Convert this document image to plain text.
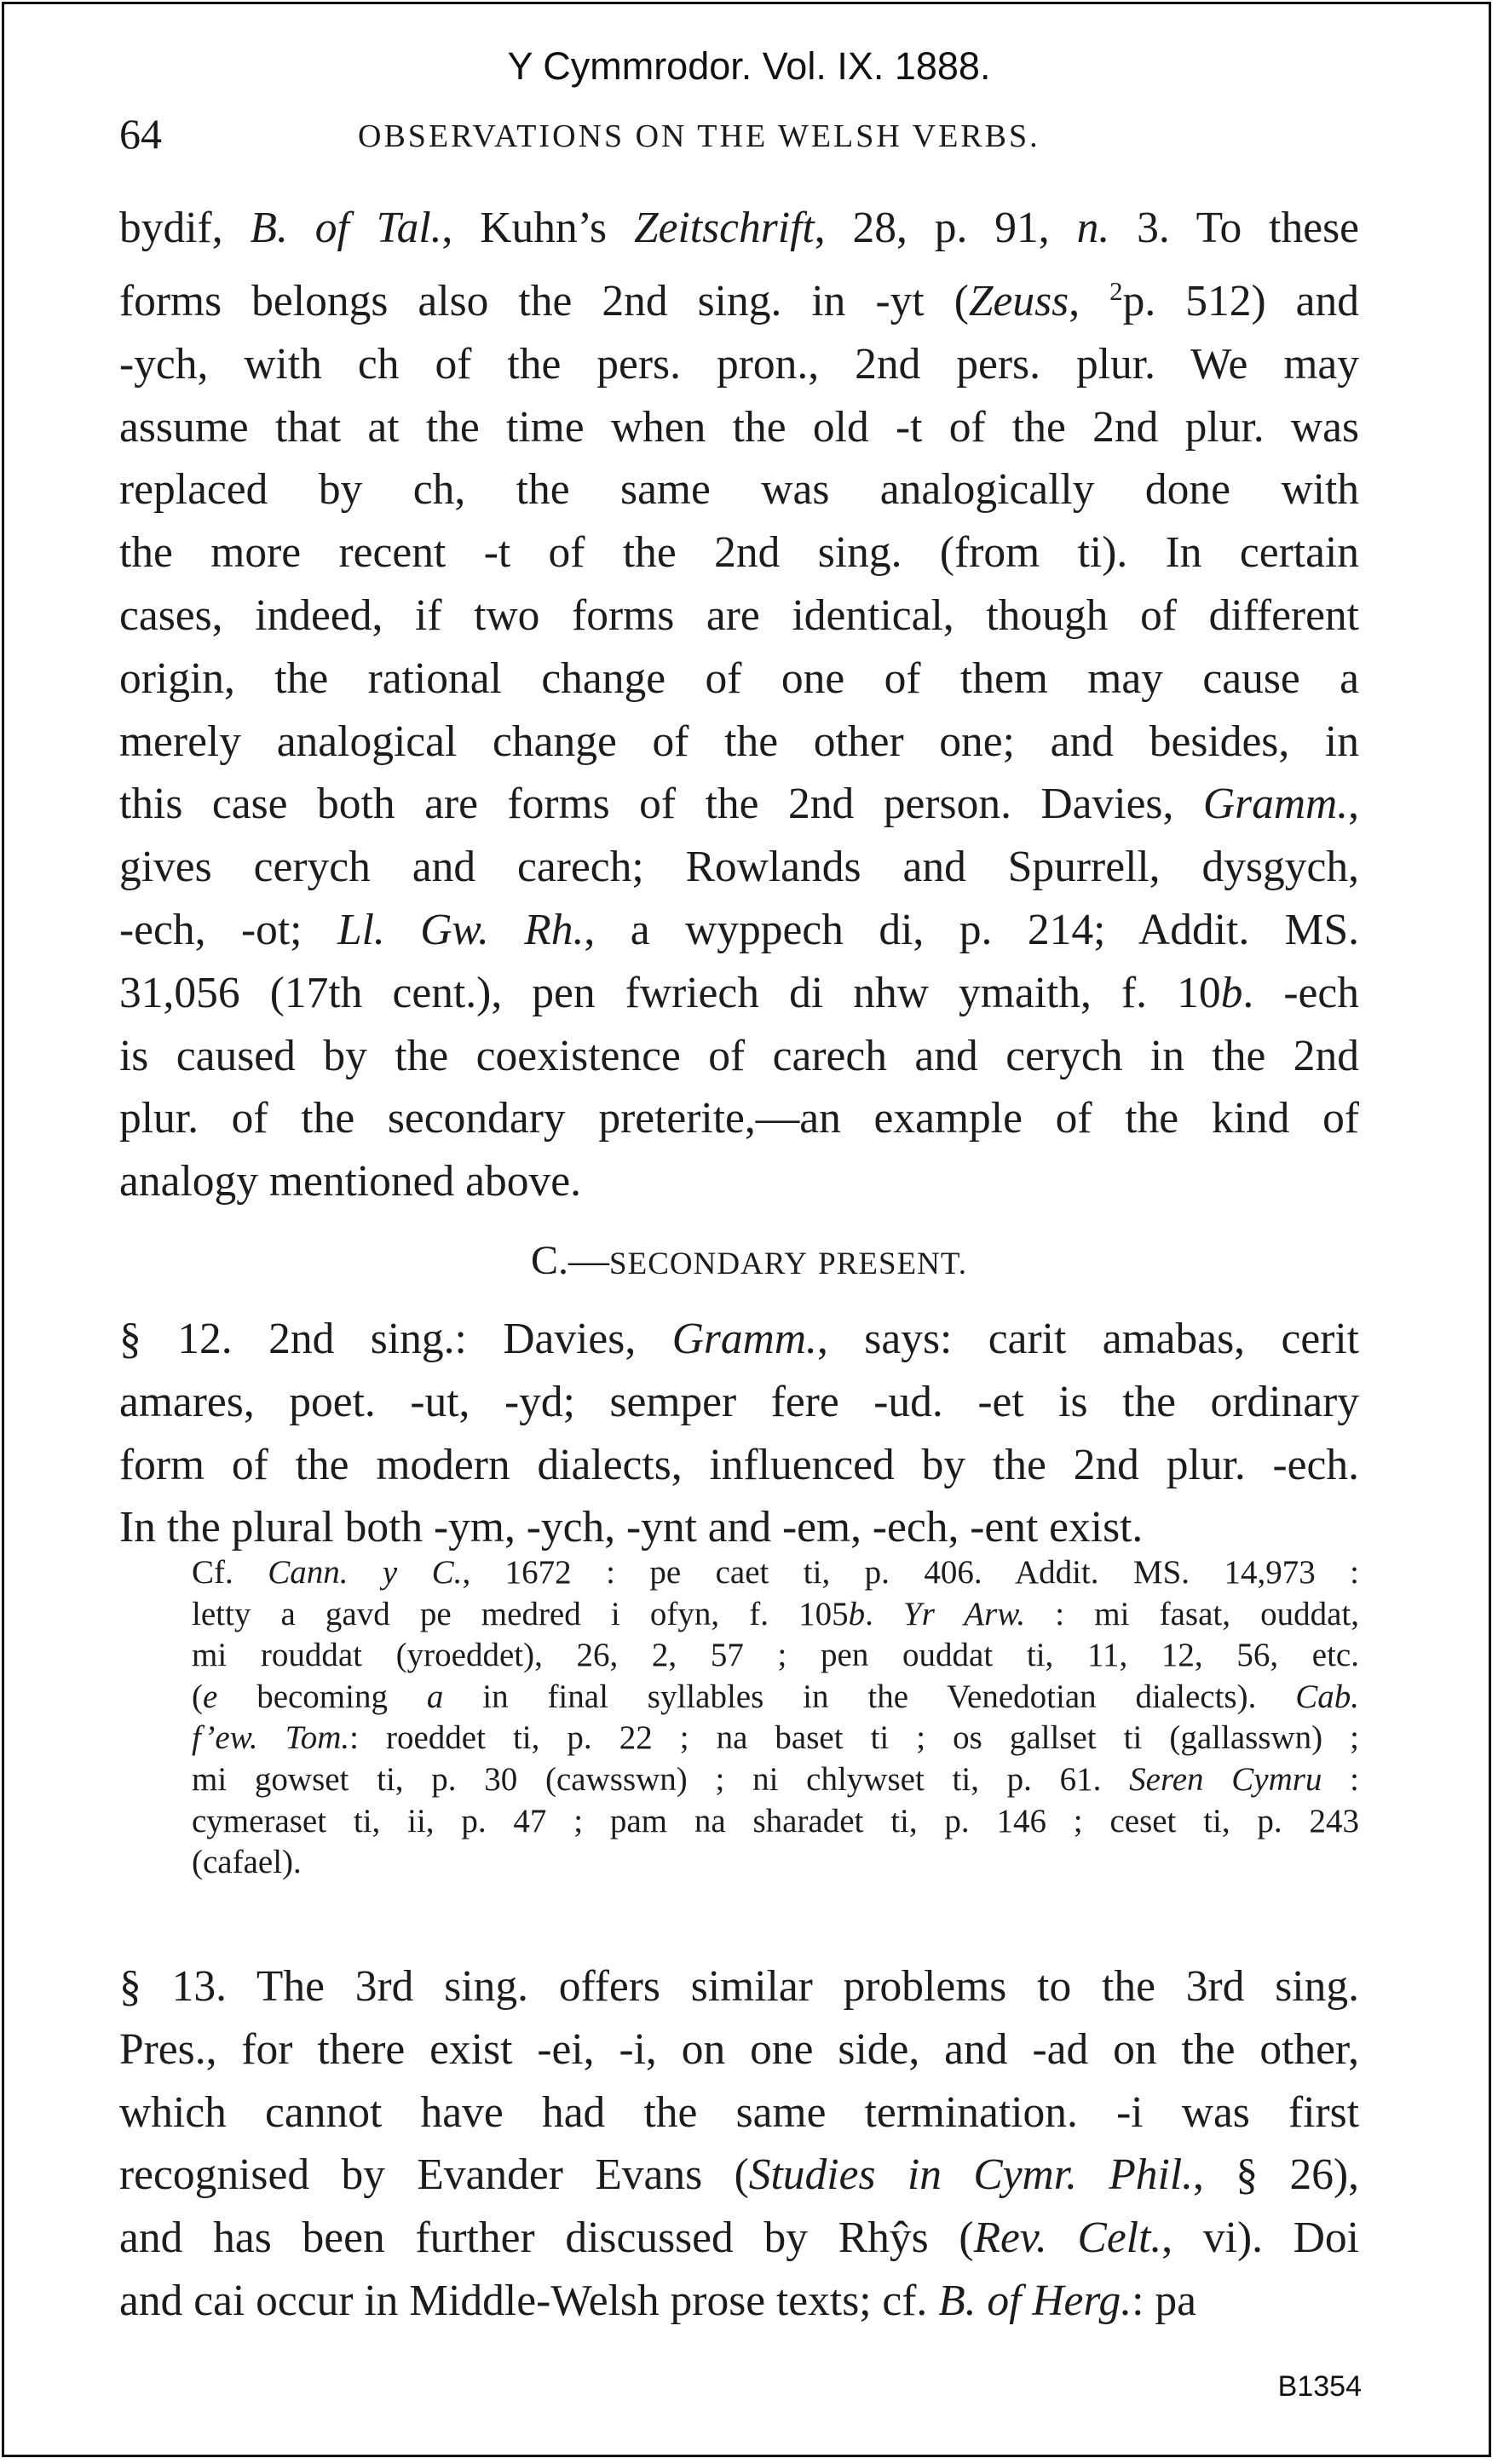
Y Cymmrodor. Vol. IX. 1888.
64	OBSERVATIONS ON THE WELSH VERBS.
bydif, B. of Tal., Kuhn’s Zeitschrift, 28, p. 91, n. 3. To these
forms belongs also the 2nd sing. in -yt (Zeuss, $^2$p. 512) and
-ych, with ch of the pers. pron., 2nd pers. plur. We may
assume that at the time when the old -t of the 2nd plur. was
replaced by ch, the same was analogically done with
the more recent -t of the 2nd sing. (from ti). In certain
cases, indeed, if two forms are identical, though of different
origin, the rational change of one of them may cause a
merely analogical change of the other one; and besides, in
this case both are forms of the 2nd person. Davies, Gramm.,
gives cerych and carech; Rowlands and Spurrell, dysgych,
-ech, -ot; Ll. Gw. Rh., a wyppech di, p. 214; Addit. MS.
31,056 (17th cent.), pen fwriech di nhw ymaith, f. 10b. -ech
is caused by the coexistence of carech and cerych in the 2nd
plur. of the secondary preterite,—an example of the kind of
analogy mentioned above.
C.—SECONDARY PRESENT.
§ 12. 2nd sing.: Davies, Gramm., says: carit amabas, cerit
amares, poet. -ut, -yd; semper fere -ud. -et is the ordinary
form of the modern dialects, influenced by the 2nd plur. -ech.
In the plural both -ym, -ych, -ynt and -em, -ech, -ent exist.
Cf. Cann. y C., 1672 : pe caet ti, p. 406. Addit. MS. 14,973 :
letty a gavd pe medred i ofyn, f. 105b. Yr Arw. : mi fasat, ouddat,
mi rouddat (yroeddet), 26, 2, 57 ; pen ouddat ti, 11, 12, 56, etc.
(e becoming a in final syllables in the Venedotian dialects). Cab.
f’ew. Tom.: roeddet ti, p. 22 ; na baset ti ; os gallset ti (gallasswn) ;
mi gowset ti, p. 30 (cawsswn) ; ni chlywset ti, p. 61. Seren Cymru :
cymeraset ti, ii, p. 47 ; pam na sharadet ti, p. 146 ; ceset ti, p. 243
(cafael).
§ 13. The 3rd sing. offers similar problems to the 3rd sing.
Pres., for there exist -ei, -i, on one side, and -ad on the other,
which cannot have had the same termination. -i was first
recognised by Evander Evans (Studies in Cymr. Phil., § 26),
and has been further discussed by Rhŷs (Rev. Celt., vi). Doi
and cai occur in Middle-Welsh prose texts; cf. B. of Herg.: pa
B1354
